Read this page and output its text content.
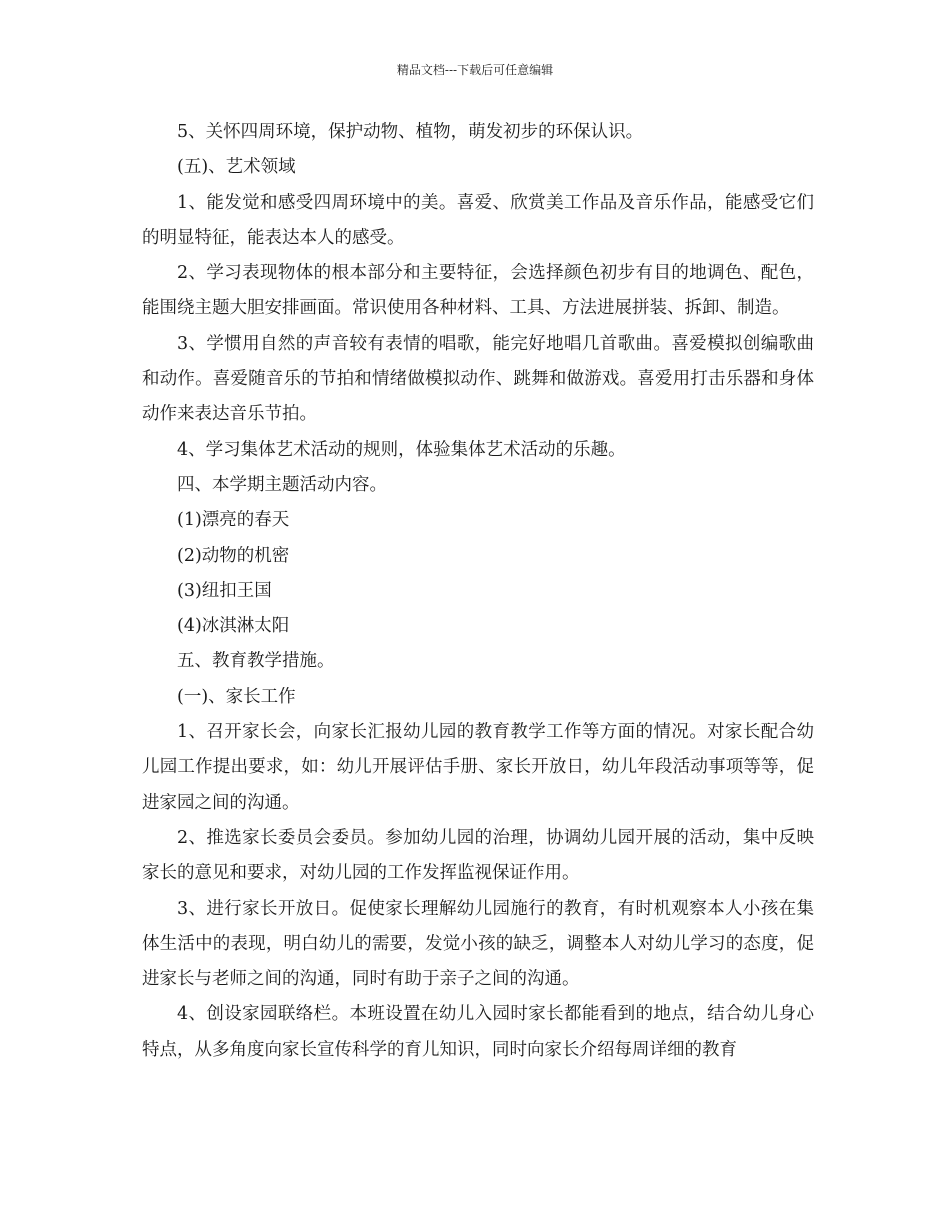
精品文档---下载后可任意编辑

5、关怀四周环境，保护动物、植物，萌发初步的环保认识。

(五)、艺术领域

1、能发觉和感受四周环境中的美。喜爱、欣赏美工作品及音乐作品，能感受它们的明显特征，能表达本人的感受。

2、学习表现物体的根本部分和主要特征，会选择颜色初步有目的地调色、配色，能围绕主题大胆安排画面。常识使用各种材料、工具、方法进展拼装、拆卸、制造。

3、学惯用自然的声音较有表情的唱歌，能完好地唱几首歌曲。喜爱模拟创编歌曲和动作。喜爱随音乐的节拍和情绪做模拟动作、跳舞和做游戏。喜爱用打击乐器和身体动作来表达音乐节拍。

4、学习集体艺术活动的规则，体验集体艺术活动的乐趣。

四、本学期主题活动内容。

(1)漂亮的春天

(2)动物的机密

(3)纽扣王国

(4)冰淇淋太阳

五、教育教学措施。

(一)、家长工作

1、召开家长会，向家长汇报幼儿园的教育教学工作等方面的情况。对家长配合幼儿园工作提出要求，如：幼儿开展评估手册、家长开放日，幼儿年段活动事项等等，促进家园之间的沟通。

2、推选家长委员会委员。参加幼儿园的治理，协调幼儿园开展的活动，集中反映家长的意见和要求，对幼儿园的工作发挥监视保证作用。

3、进行家长开放日。促使家长理解幼儿园施行的教育，有时机观察本人小孩在集体生活中的表现，明白幼儿的需要，发觉小孩的缺乏，调整本人对幼儿学习的态度，促进家长与老师之间的沟通，同时有助于亲子之间的沟通。

4、创设家园联络栏。本班设置在幼儿入园时家长都能看到的地点，结合幼儿身心特点，从多角度向家长宣传科学的育儿知识，同时向家长介绍每周详细的教育
